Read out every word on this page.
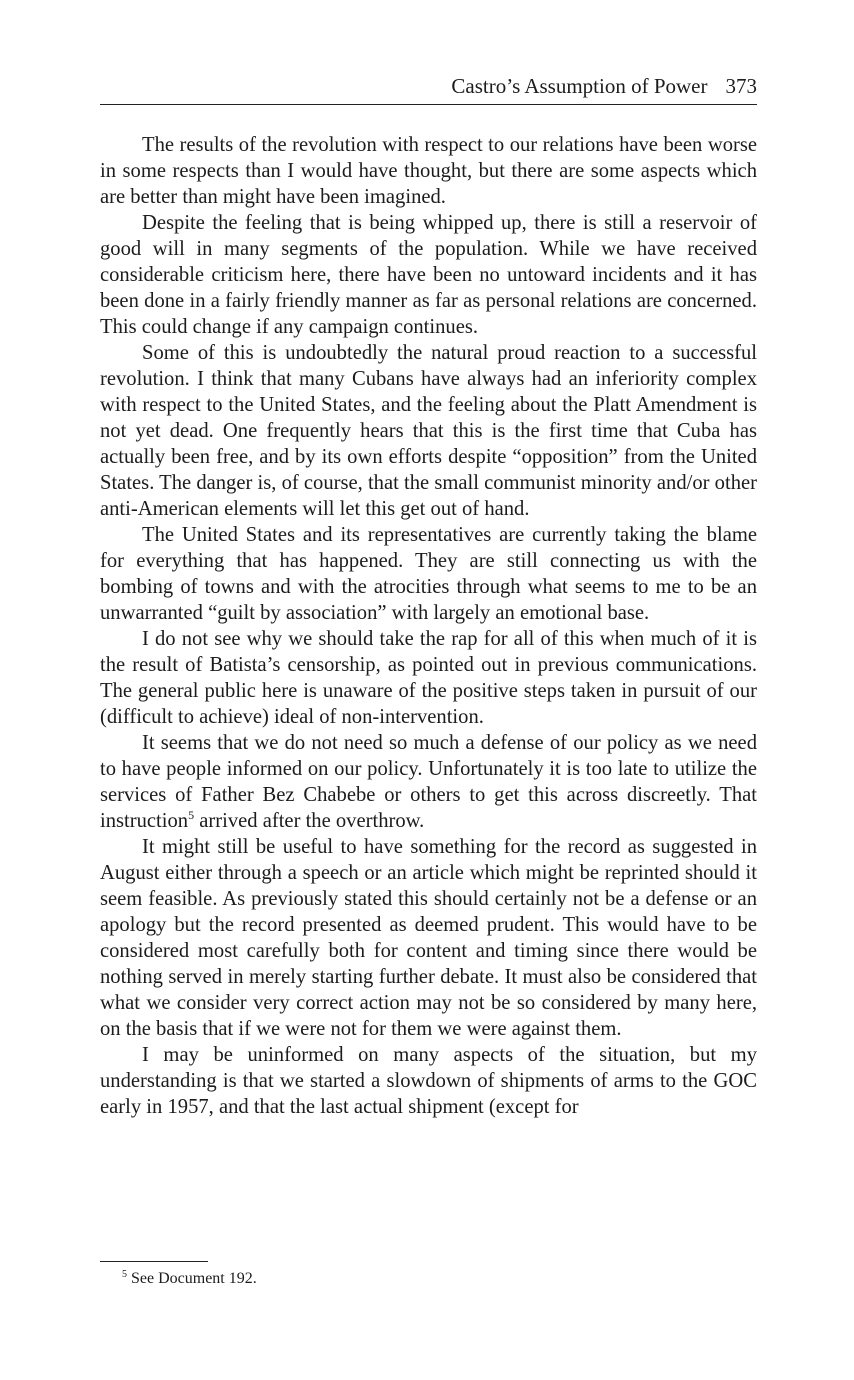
Castro’s Assumption of Power 373

The results of the revolution with respect to our relations have been worse in some respects than I would have thought, but there are some aspects which are better than might have been imagined.

Despite the feeling that is being whipped up, there is still a reservoir of good will in many segments of the population. While we have received considerable criticism here, there have been no untoward incidents and it has been done in a fairly friendly manner as far as personal relations are concerned. This could change if any campaign continues.

Some of this is undoubtedly the natural proud reaction to a successful revolution. I think that many Cubans have always had an inferiority complex with respect to the United States, and the feeling about the Platt Amendment is not yet dead. One frequently hears that this is the first time that Cuba has actually been free, and by its own efforts despite “opposition” from the United States. The danger is, of course, that the small communist minority and/or other anti-American elements will let this get out of hand.

The United States and its representatives are currently taking the blame for everything that has happened. They are still connecting us with the bombing of towns and with the atrocities through what seems to me to be an unwarranted “guilt by association” with largely an emotional base.

I do not see why we should take the rap for all of this when much of it is the result of Batista’s censorship, as pointed out in previous communications. The general public here is unaware of the positive steps taken in pursuit of our (difficult to achieve) ideal of non-intervention.

It seems that we do not need so much a defense of our policy as we need to have people informed on our policy. Unfortunately it is too late to utilize the services of Father Bez Chabebe or others to get this across discreetly. That instruction$^5$ arrived after the overthrow.

It might still be useful to have something for the record as suggested in August either through a speech or an article which might be reprinted should it seem feasible. As previously stated this should certainly not be a defense or an apology but the record presented as deemed prudent. This would have to be considered most carefully both for content and timing since there would be nothing served in merely starting further debate. It must also be considered that what we consider very correct action may not be so considered by many here, on the basis that if we were not for them we were against them.

I may be uninformed on many aspects of the situation, but my understanding is that we started a slowdown of shipments of arms to the GOC early in 1957, and that the last actual shipment (except for

$^5$ See Document 192.
